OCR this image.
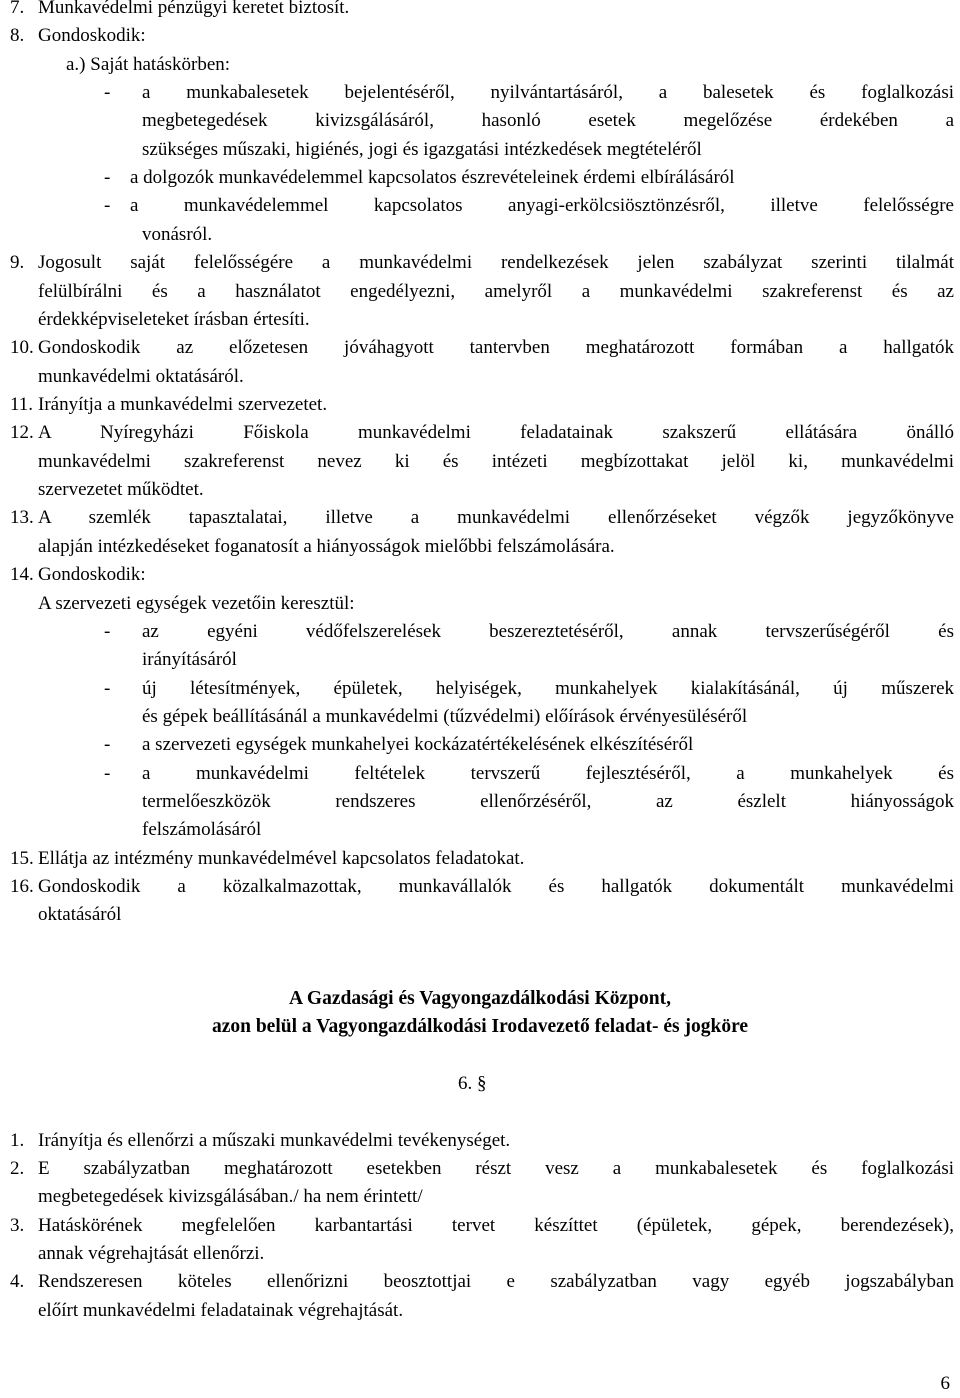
7. Munkavédelmi pénzügyi keretet biztosít.
8. Gondoskodik:
a.) Saját hatáskörben:
- a munkabalesetek bejelentéséről, nyilvántartásáról, a balesetek és foglalkozási
megbetegedések kivizsgálásáról, hasonló esetek megelőzése érdekében a
szükséges műszaki, higiénés, jogi és igazgatási intézkedések megtételéről
- a dolgozók munkavédelemmel kapcsolatos észrevételeinek érdemi elbírálásáról
- a munkavédelemmel kapcsolatos anyagi-erkölcsiösztönzésről, illetve felelősségre
vonásról.
9. Jogosult saját felelősségére a munkavédelmi rendelkezések jelen szabályzat szerinti tilalmát
felülbírálni és a használatot engedélyezni, amelyről a munkavédelmi szakreferenst és az
érdekképviseleteket írásban értesíti.
10. Gondoskodik az előzetesen jóváhagyott tantervben meghatározott formában a hallgatók
munkavédelmi oktatásáról.
11. Irányítja a munkavédelmi szervezetet.
12. A Nyíregyházi Főiskola munkavédelmi feladatainak szakszerű ellátására önálló
munkavédelmi szakreferenst nevez ki és intézeti megbízottakat jelöl ki, munkavédelmi
szervezetet működtet.
13. A szemlék tapasztalatai, illetve a munkavédelmi ellenőrzéseket végzők jegyzőkönyve
alapján intézkedéseket foganatosít a hiányosságok mielőbbi felszámolására.
14. Gondoskodik:
A szervezeti egységek vezetőin keresztül:
- az egyéni védőfelszerelések beszereztetéséről, annak tervszerűségéről és
irányításáról
- új létesítmények, épületek, helyiségek, munkahelyek kialakításánál, új műszerek
és gépek beállításánál a munkavédelmi (tűzvédelmi) előírások érvényesüléséről
- a szervezeti egységek munkahelyei kockázatértékelésének elkészítéséről
- a munkavédelmi feltételek tervszerű fejlesztéséről, a munkahelyek és
termelőeszközök rendszeres ellenőrzéséről, az észlelt hiányosságok
felszámolásáról
15. Ellátja az intézmény munkavédelmével kapcsolatos feladatokat.
16. Gondoskodik a közalkalmazottak, munkavállalók és hallgatók dokumentált munkavédelmi
oktatásáról
A Gazdasági és Vagyongazdálkodási Központ,
azon belül a Vagyongazdálkodási Irodavezető feladat- és jogköre
6. §
1. Irányítja és ellenőrzi a műszaki munkavédelmi tevékenységet.
2. E szabályzatban meghatározott esetekben részt vesz a munkabalesetek és foglalkozási
megbetegedések kivizsgálásában./ ha nem érintett/
3. Hatáskörének megfelelően karbantartási tervet készíttet (épületek, gépek, berendezések),
annak végrehajtását ellenőrzi.
4. Rendszeresen köteles ellenőrizni beosztottjai e szabályzatban vagy egyéb jogszabályban
előírt munkavédelmi feladatainak végrehajtását.
6
